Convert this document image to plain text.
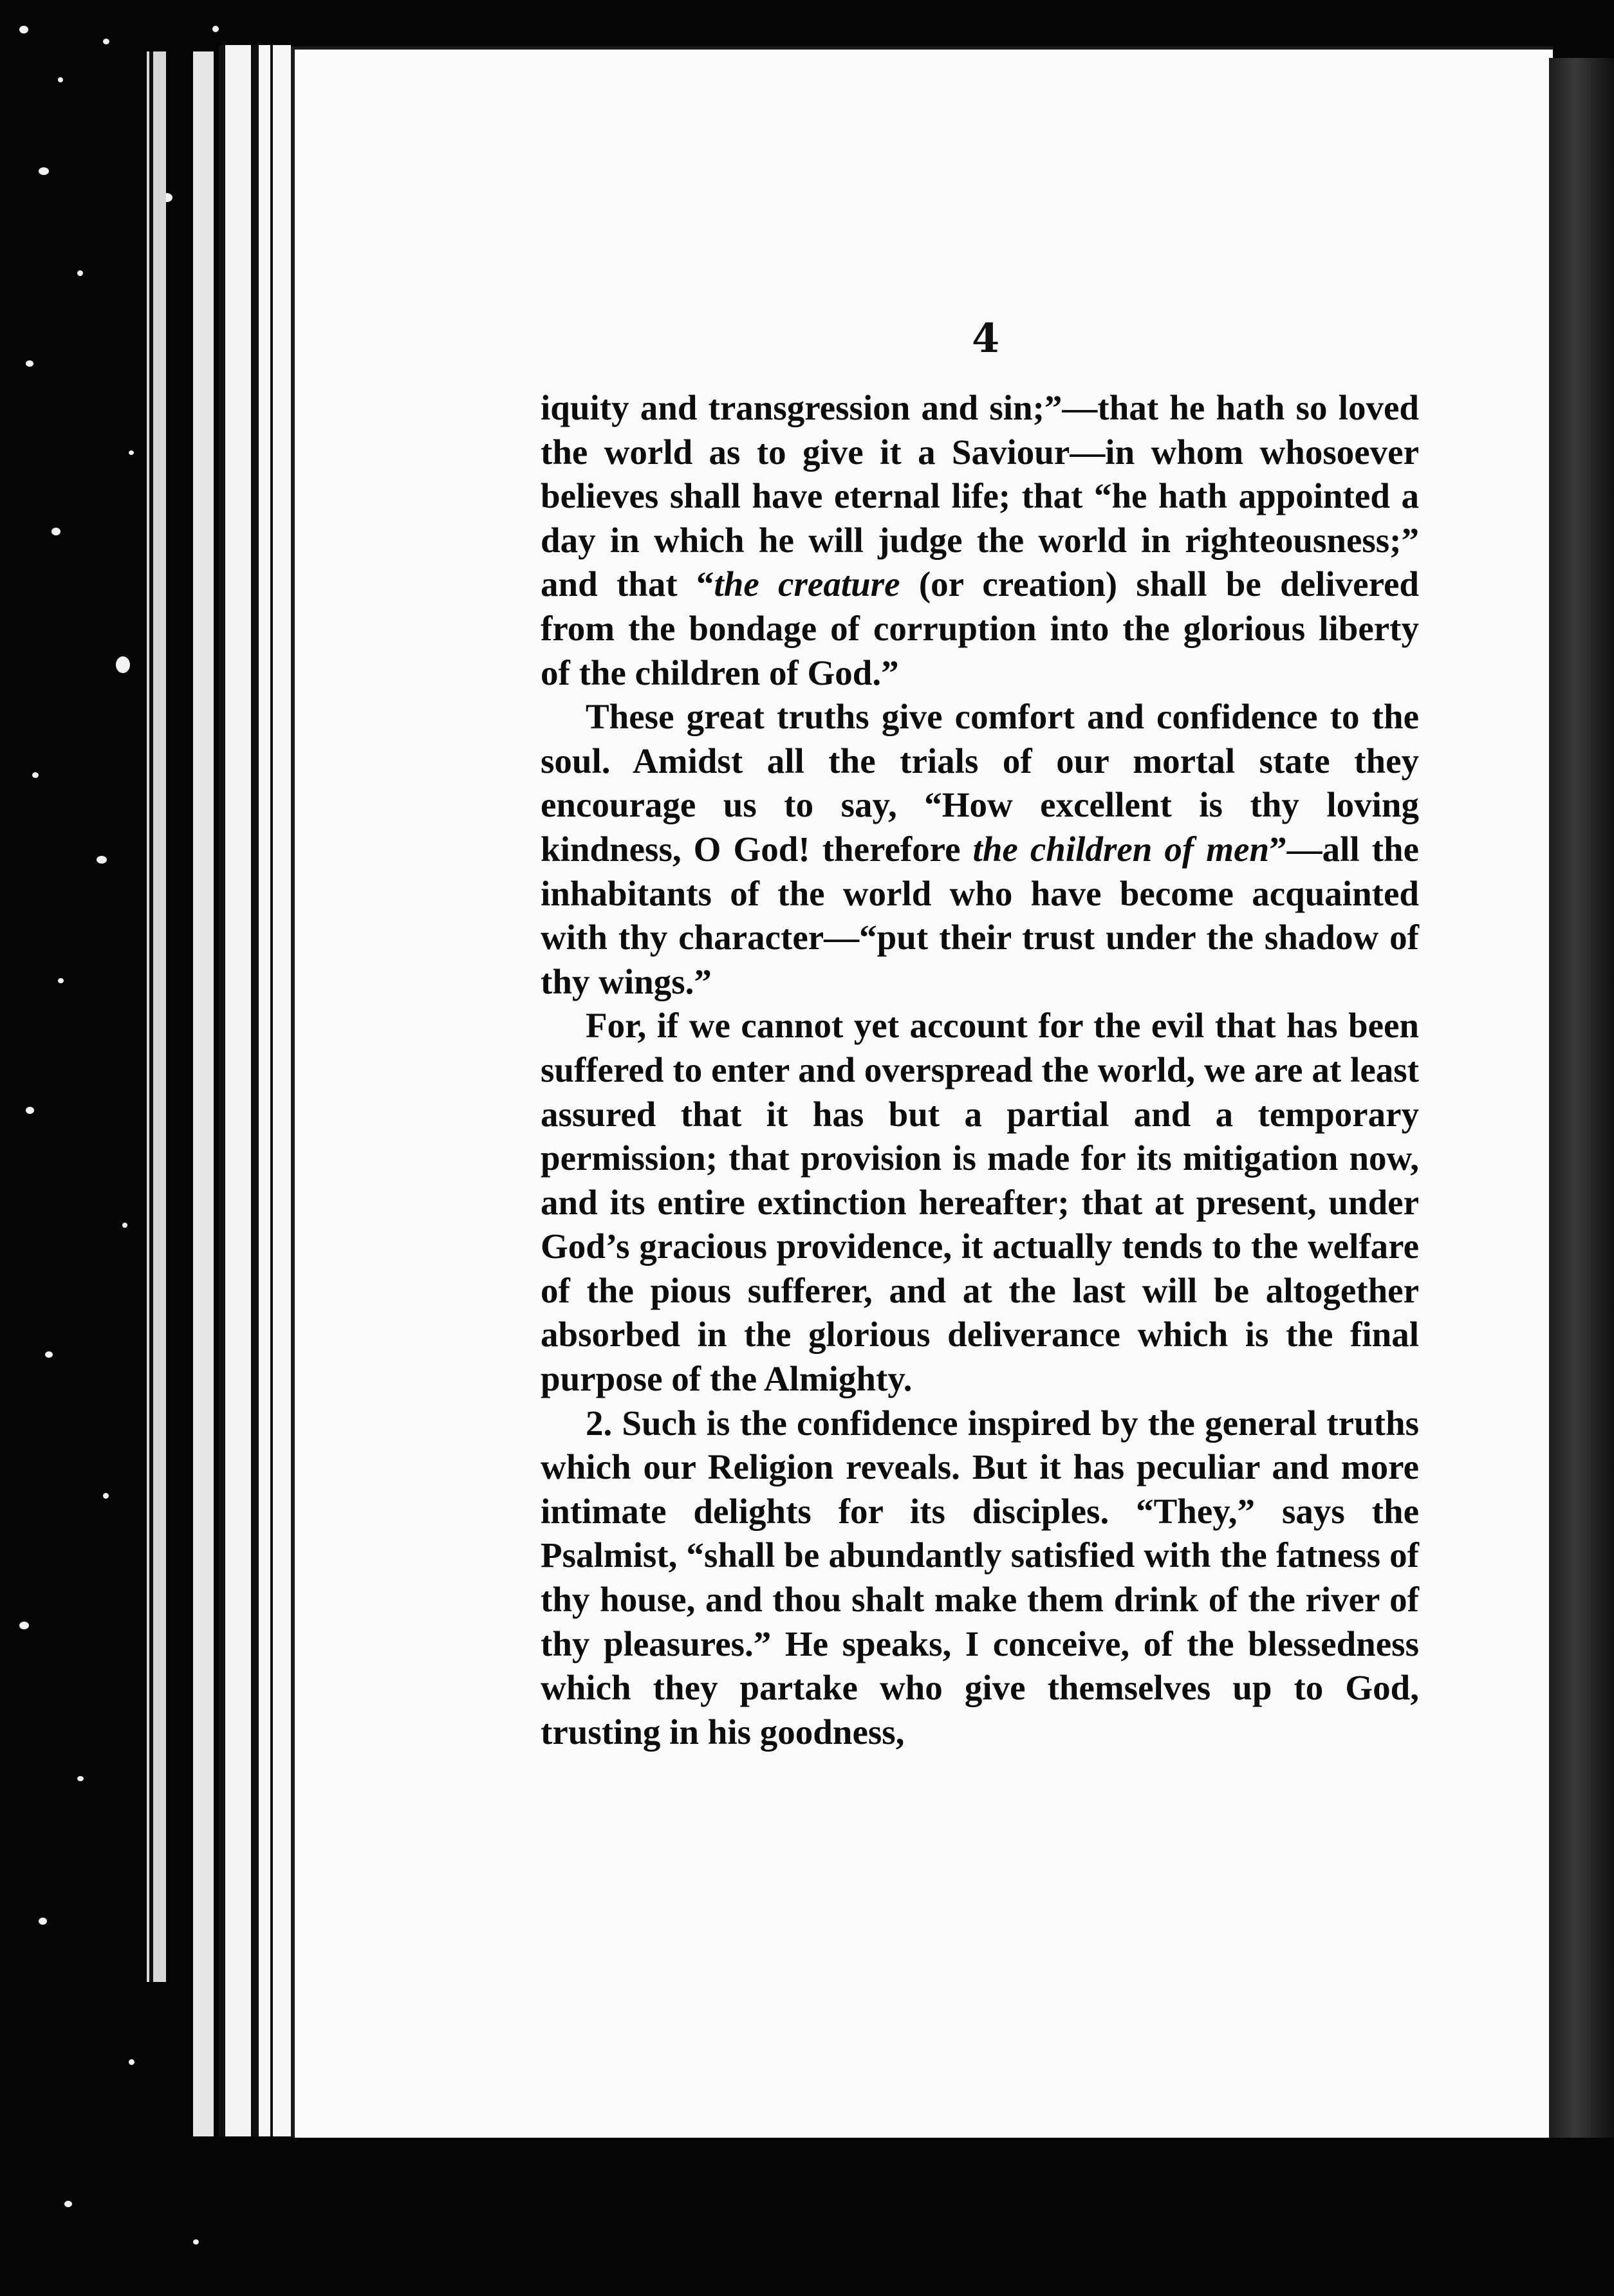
4

iquity and transgression and sin;”—that he hath so loved the world as to give it a Saviour—in whom whosoever believes shall have eternal life; that “he hath appointed a day in which he will judge the world in righteousness;” and that “the creature (or creation) shall be delivered from the bondage of corruption into the glorious liberty of the children of God.”

These great truths give comfort and confidence to the soul. Amidst all the trials of our mortal state they encourage us to say, “How excellent is thy loving kindness, O God! therefore the children of men”—all the inhabitants of the world who have become acquainted with thy character—“put their trust under the shadow of thy wings.”

For, if we cannot yet account for the evil that has been suffered to enter and overspread the world, we are at least assured that it has but a partial and a temporary permission; that provision is made for its mitigation now, and its entire extinction hereafter; that at present, under God’s gracious providence, it actually tends to the welfare of the pious sufferer, and at the last will be altogether absorbed in the glorious deliverance which is the final purpose of the Almighty.

2. Such is the confidence inspired by the general truths which our Religion reveals. But it has peculiar and more intimate delights for its disciples. “They,” says the Psalmist, “shall be abundantly satisfied with the fatness of thy house, and thou shalt make them drink of the river of thy pleasures.” He speaks, I conceive, of the blessedness which they partake who give themselves up to God, trusting in his goodness,
